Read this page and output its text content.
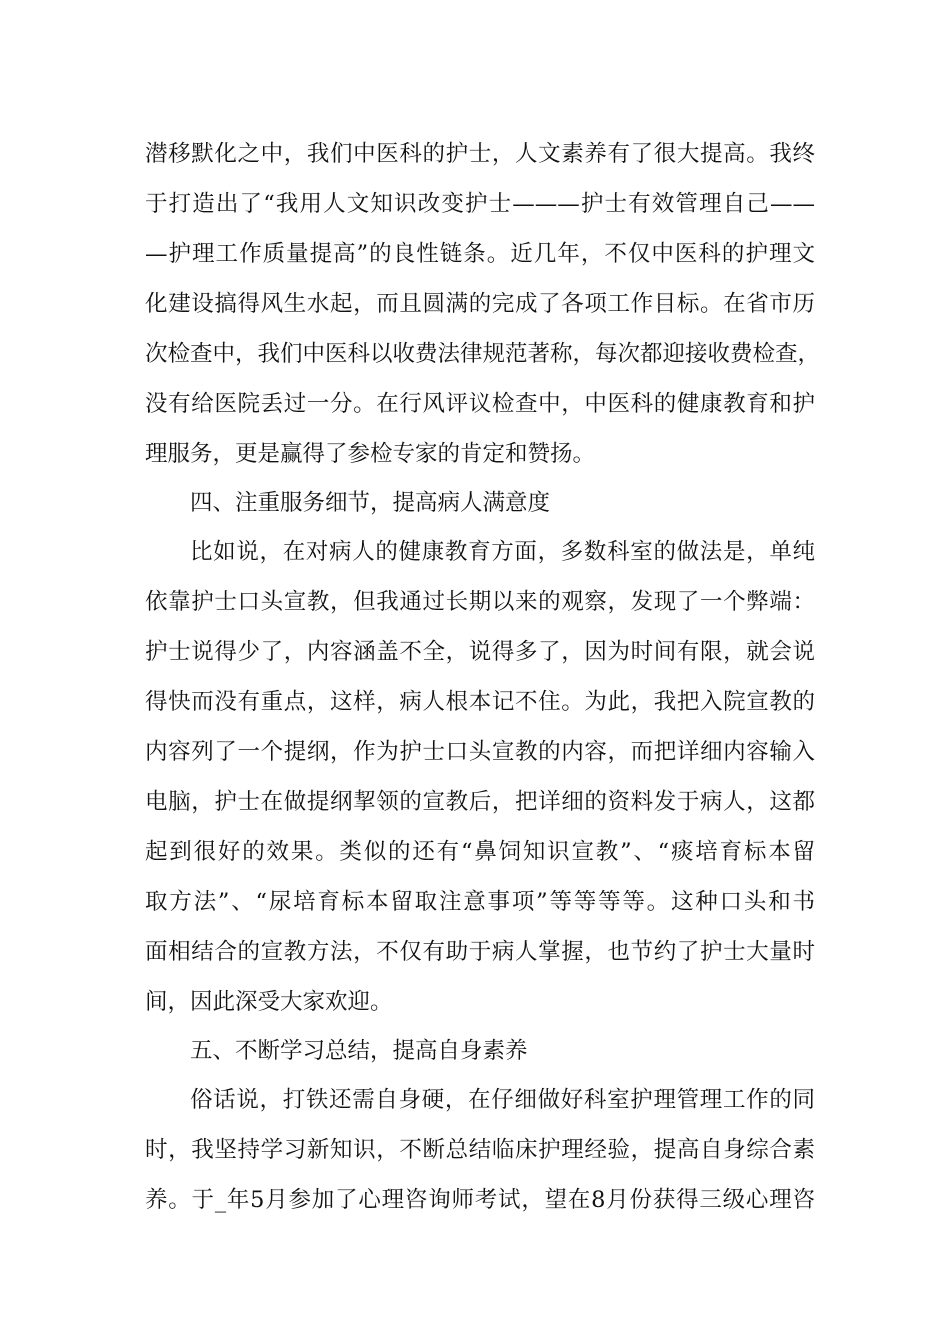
潜移默化之中，我们中医科的护士，人文素养有了很大提高。我终

于打造出了“我用人文知识改变护士———护士有效管理自己——

—护理工作质量提高”的良性链条。近几年，不仅中医科的护理文

化建设搞得风生水起，而且圆满的完成了各项工作目标。在省市历

次检查中，我们中医科以收费法律规范著称，每次都迎接收费检查，

没有给医院丢过一分。在行风评议检查中，中医科的健康教育和护

理服务，更是赢得了参检专家的肯定和赞扬。

四、注重服务细节，提高病人满意度

比如说，在对病人的健康教育方面，多数科室的做法是，单纯

依靠护士口头宣教，但我通过长期以来的观察，发现了一个弊端：

护士说得少了，内容涵盖不全，说得多了，因为时间有限，就会说

得快而没有重点，这样，病人根本记不住。为此，我把入院宣教的

内容列了一个提纲，作为护士口头宣教的内容，而把详细内容输入

电脑，护士在做提纲挈领的宣教后，把详细的资料发于病人，这都

起到很好的效果。类似的还有“鼻饲知识宣教”、“痰培育标本留

取方法”、“尿培育标本留取注意事项”等等等等。这种口头和书

面相结合的宣教方法，不仅有助于病人掌握，也节约了护士大量时

间，因此深受大家欢迎。

五、不断学习总结，提高自身素养

俗话说，打铁还需自身硬，在仔细做好科室护理管理工作的同

时，我坚持学习新知识，不断总结临床护理经验，提高自身综合素

养。于_年5月参加了心理咨询师考试，望在8月份获得三级心理咨
